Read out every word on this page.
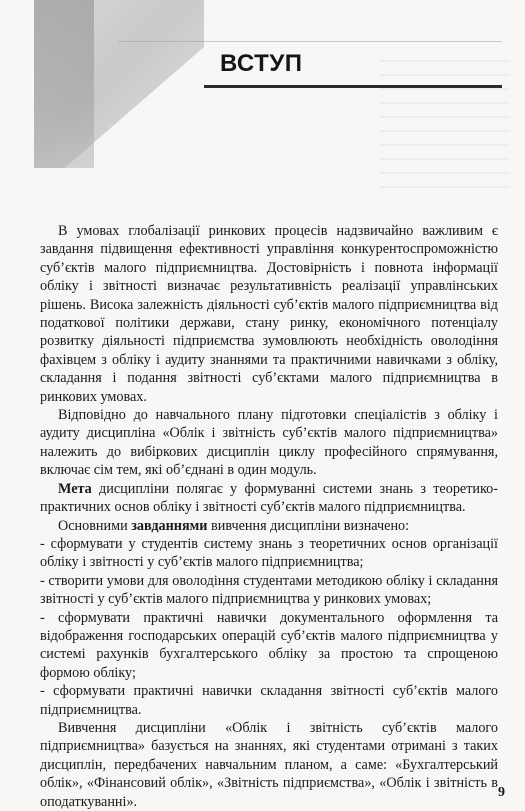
ВСТУП

В умовах глобалізації ринкових процесів надзвичайно важливим є завдання підвищення ефективності управління конкурентоспроможністю суб’єктів малого підприємництва. Достовірність і повнота інформації обліку і звітності визначає результативність реалізації управлінських рішень. Висока залежність діяльності суб’єктів малого підприємництва від податкової політики держави, стану ринку, економічного потенціалу розвитку діяльності підприємства зумовлюють необхідність оволодіння фахівцем з обліку і аудиту знаннями та практичними навичками з обліку, складання і подання звітності суб’єктами малого підприємництва в ринкових умовах.

Відповідно до навчального плану підготовки спеціалістів з обліку і аудиту дисципліна «Облік і звітність суб’єктів малого підприємництва» належить до вибіркових дисциплін циклу професійного спрямування, включає сім тем, які об’єднані в один модуль.

Мета дисципліни полягає у формуванні системи знань з теоретико-практичних основ обліку і звітності суб’єктів малого підприємництва.

Основними завданнями вивчення дисципліни визначено:

- сформувати у студентів систему знань з теоретичних основ організації обліку і звітності у суб’єктів малого підприємництва;

- створити умови для оволодіння студентами методикою обліку і складання звітності у суб’єктів малого підприємництва у ринкових умовах;

- сформувати практичні навички документального оформлення та відображення господарських операцій суб’єктів малого підприємництва у системі рахунків бухгалтерського обліку за простою та спрощеною формою обліку;

- сформувати практичні навички складання звітності суб’єктів малого підприємництва.

Вивчення дисципліни «Облік і звітність суб’єктів малого підприємництва» базується на знаннях, які студентами отримані з таких дисциплін, передбачених навчальним планом, а саме: «Бухгалтерський облік», «Фінансовий облік», «Звітність підприємства», «Облік і звітність в оподаткуванні».

9
